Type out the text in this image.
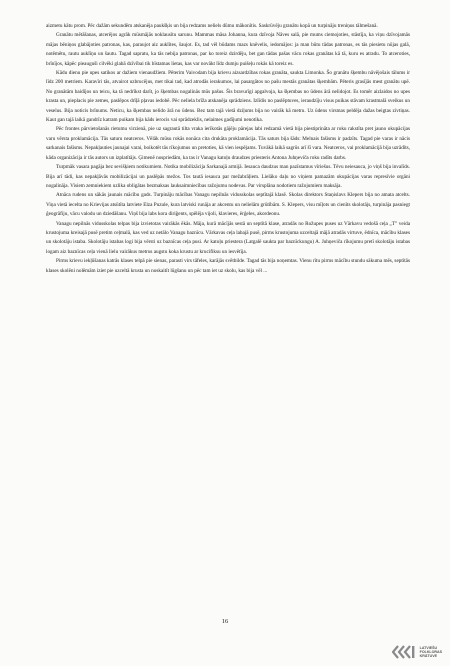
aizmetu kātu prom. Pēc dažām sekundēm atskanēja paukšķis un bija redzams neliels dūmu mākonītis. Saskrūvēju granātu kopā un turpināju treniņus tālmešanā.

Granātu mētāšanas, atcerējos agrāk mūsmājās noklausītu sarunu. Mammas māsa Johanna, kura dzīvoja Nāves salā, pie mums ciemojoties, stāstīja, ka viņu dzīvojamās mājas bēniņos glabājoties patronas, kas, paraujot aiz auklītes, šaujot. Es, tad vēl būdams mazs knēvelis, iedomājos: ja man būtu tādas patronas, es tās piesietu nūjas galā, notēmētu, rautu auklīņu un šautu. Tagad sapratu, ka tās nebija patronas, par ko toreiz dzirdēju, bet gan tādas pašas vācu rokas granātas kā tā, kuru es atradu. To atceroties, brīnījos, kāpēc pieauguši cilvēki glabā dzīvībai tik bīstamas lietas, kas var novākt līdz dumju puišeļu rokās kā toreiz es.

Kādu dienu pie upes satikos ar dažiem vienaudžiem. Pēterim Vaivodam bija krievu aizsardzības rokas granāta, saukta Limonka. Šo granātu šķembu nāvējošais tālums ir līdz 200 metriem. Karavīri tās, atvairot uzbrucējus, met tikai tad, kad atrodās ierakumos, lai pasargātos no pašu mestās granātas šķembām. Pēteris grasījās mest granātu upē. No granātām baidījos un teicu, ka tā nedrīkst darīt, jo šķembas nogalinās mūs pašus. Šis bravurīgi apgalvoja, ka šķembas no ūdens ārā nelidojot. Es tomēr aizlaidos no upes krasta un, pieplacis pie zemes, paslēpos drīļā pļavas iedobē. Pēc nelielа brīža atskanēja sprādziens. Izlīdis no paslēptuves, ieraudzīju visus puikas stāvam krastmalā sveikus un veselus. Bija noticis brīnums. Neticu, ka šķembas nelido ārā no ūdens. Bez tam tajā vietā dziļums bija no vairāk kā metru. Uz ūdens virsmas peldēja dažas beigtas zivtiņas. Kaut gan tajā laikā gandrīz katram puikam bija kāds ierocis vai sprādzeklis, nelaimes gadījumi nenotika.

Pēc frontes pārvietošanās rietumu virzienā, pie uz sagrautā tilta vraka ierīkotās gājēju pārejas labi redzamā vietā bija piestiprināta ar roku rakstīta pret jauno okupācijas varu vērsta proklamācija. Tās saturu neatceros. Vēlāk mūsu rokās nonāca cita drukāta proklamācija. Tās saturs bija šāds: Melnais fašisms ir padzīts. Tagad pie varas ir nācis sarkanais fašisms. Nepakļauties jaunajai varai, boikotēt tās rīkojumus un pretoties, kā vien iespējams. Tuvākā laikā sagrūs arī šī vara. Neatceros, vai proklamācijā bija uzrādīts, kāda organizācija ir tās autors un izplatītājs. Ģimenē nospriedām, ka tas ir Vanagu katoļu draudzes priesteris Antona Juhņeviča roku radīts darbs.

Turpmāk vasara pagāja bez sevišķiem notikumiem. Notika mobilizācija Sarkanajā armijā. Iesauca daudzus man pazīstamus vīriešus. Tēvu neiesauca, jo viņš bija invalīds. Bija arī tādi, kas nepakļāvās mobilizācijai un paslēpās mežos. Tos tautā iesauca par mežabrāļiem. Lielāko daļu no viņiem pamazām okupācijas varas represīvie orgāni nogalināja. Visiem zemniekiem uzlika obligātas bezmaksas lauksaimniecības ražojumu nodevas. Par virsplāna nodotiem ražojumiem maksāja.

Atnāca rudens un sākās jaunais mācību gads. Turpināju mācības Vanagu nepilnās vidusskolas septītajā klasē. Skolas direktors Staņislavs Klepers bija no amata atcelts. Viņa vietā iecelta no Krievijas atsūtīta latviete Elza Puzule, kura latviski runāja ar akcentu un neliеlām grūtībām. S. Klepers, visu mīļots un cienīts skolotājs, turpināja pasniegt ģeogrāfiju, vācu valodu un dziedāšanu. Viņš bija labs kora diriģents, spēlēja vijoli, klavieres, ērģeles, akordeonu.

Vanagu nepilnās vidusskolas telpas bija izvietotas vairākās ēkās. Māja, kurā mācījās sestā un septītā klase, atradās no Rožupes puses uz Vārkavu vedošā ceļa „T” veida krustojuma kreisajā pusē pretim ceļmalā, kas ved uz netālo Vanagu baznīcu. Vārkavas ceļa labajā pusē, pirms krustojuma uzceltajā mājā atradās virtuve, ēdnīca, mācību klases un skolotāju istaba. Skolotāju istabas logi bija vērsti uz baznīcas ceļa pusi. Ar katoļu priestera (Latgalē saukta par baznīckungu) A. Juhņeviča rīkojumu pretī skolotāju istabas logam aiz baznīcas ceļa vienā lielu vairākus metrus augstu koka krustu ar krucifiksu un iesvētīja.

Pirms krievu iekļūšanas katrās klases telpā pie sienas, parasti virs tāfeles, karājās svētbilde. Tagad tās bija noņemtas. Vienu rītu pirms mācību stundu sākuma mēs, septītās klases skolēni nolēmām iziet pie uzceltā krusta un noskaitīt lūgšanu un pēc tam iet uz skolu, kas bija vēl ...

16
LATVIEŠU
FOLKLORAS
KRĀTUVE
